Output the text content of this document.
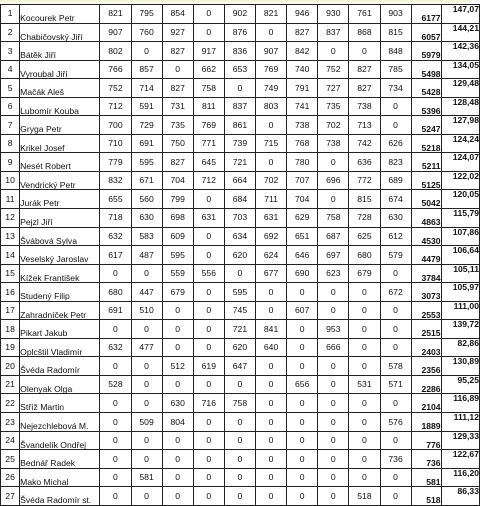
1	Kocourek Petr	821	795	854	0	902	821	946	930	761	903	6177	147,07
2	Chabičovský Jiří	907	760	927	0	876	0	827	837	868	815	6057	144,21
3	Bátěk Jiří	802	0	827	917	836	907	842	0	0	848	5979	142,36
4	Vyroubal Jiří	766	857	0	662	653	769	740	752	827	785	5498	134,05
5	Mačák Aleš	752	714	827	758	0	749	791	727	827	734	5428	129,48
6	Lubomír Kouba	712	591	731	811	837	803	741	735	738	0	5396	128,48
7	Gryga Petr	700	729	735	769	861	0	738	702	713	0	5247	127,98
8	Krikel Josef	710	691	750	771	739	715	768	738	742	626	5218	124,24
9	Nesét Robert	779	595	827	645	721	0	780	0	636	823	5211	124,07
10	Vendrický Petr	832	671	704	712	664	702	707	696	772	689	5125	122,02
11	Jurák Petr	655	560	799	0	684	711	704	0	815	674	5042	120,05
12	Pejzl Jiří	718	630	698	631	703	631	629	758	728	630	4863	115,79
13	Švábová Sylva	632	583	609	0	634	692	651	687	625	612	4530	107,86
14	Veselský Jaroslav	617	487	595	0	620	624	646	697	680	579	4479	106,64
15	Kížek František	0	0	559	556	0	677	690	623	679	0	3784	105,11
16	Studený Filip	680	447	679	0	595	0	0	0	0	672	3073	105,97
17	Zahradníček Petr	691	510	0	0	745	0	607	0	0	0	2553	111,00
18	Pikart Jakub	0	0	0	0	721	841	0	953	0	0	2515	139,72
19	Oplcštil Vladimír	632	477	0	0	620	640	0	666	0	0	2403	82,86
20	Švéda Radomír	0	0	512	619	647	0	0	0	0	578	2356	130,89
21	Olenyak Olga	528	0	0	0	0	0	656	0	531	571	2286	95,25
22	Stříž Martin	0	0	630	716	758	0	0	0	0	0	2104	116,89
23	Nejezchlebová M.	0	509	804	0	0	0	0	0	0	576	1889	111,12
24	Švandelík Ondřej	0	0	0	0	0	0	0	0	0	0	776	129,33
25	Bednář Radek	0	0	0	0	0	0	0	0	0	736	736	122,67
26	Mako Michal	0	581	0	0	0	0	0	0	0	0	581	116,20
27	Švéda Radomír st.	0	0	0	0	0	0	0	0	518	0	518	86,33
